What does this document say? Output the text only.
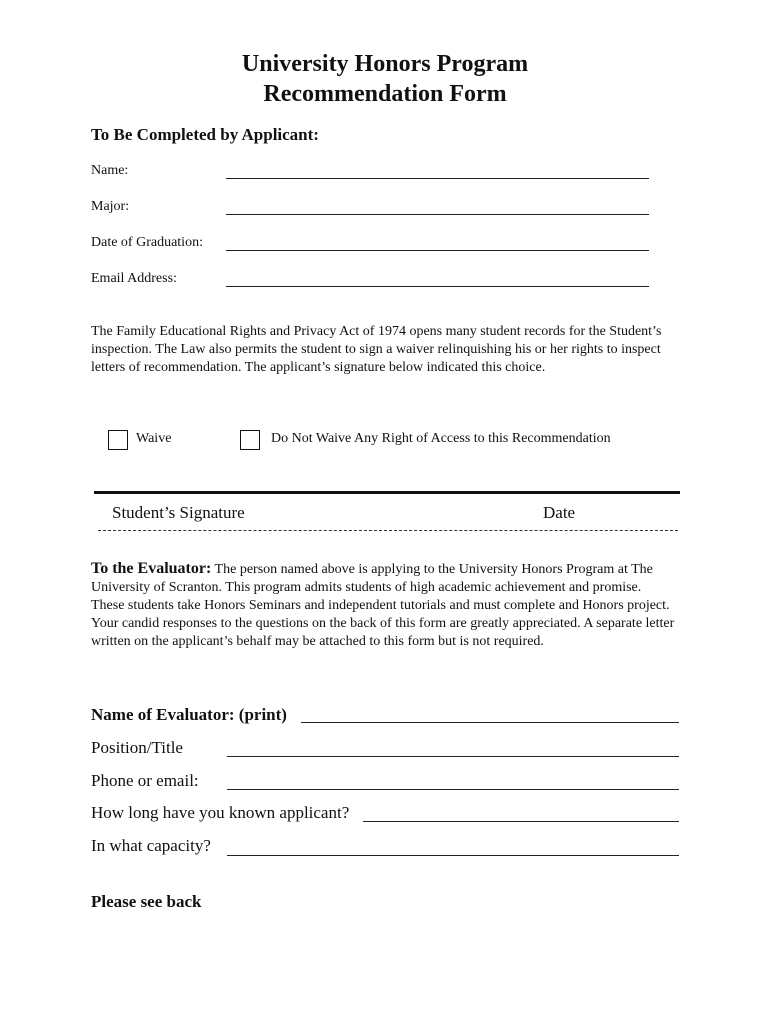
University Honors Program
Recommendation Form
To Be Completed by Applicant:
Name:
Major:
Date of Graduation:
Email Address:

The Family Educational Rights and Privacy Act of 1974 opens many student records for the Student’s inspection. The Law also permits the student to sign a waiver relinquishing his or her rights to inspect letters of recommendation. The applicant’s signature below indicated this choice.

Waive	Do Not Waive Any Right of Access to this Recommendation
Student’s Signature	Date

To the Evaluator: The person named above is applying to the University Honors Program at The University of Scranton. This program admits students of high academic achievement and promise. These students take Honors Seminars and independent tutorials and must complete and Honors project. Your candid responses to the questions on the back of this form are greatly appreciated. A separate letter written on the applicant’s behalf may be attached to this form but is not required.

Name of Evaluator: (print)
Position/Title
Phone or email:
How long have you known applicant?
In what capacity?
Please see back
